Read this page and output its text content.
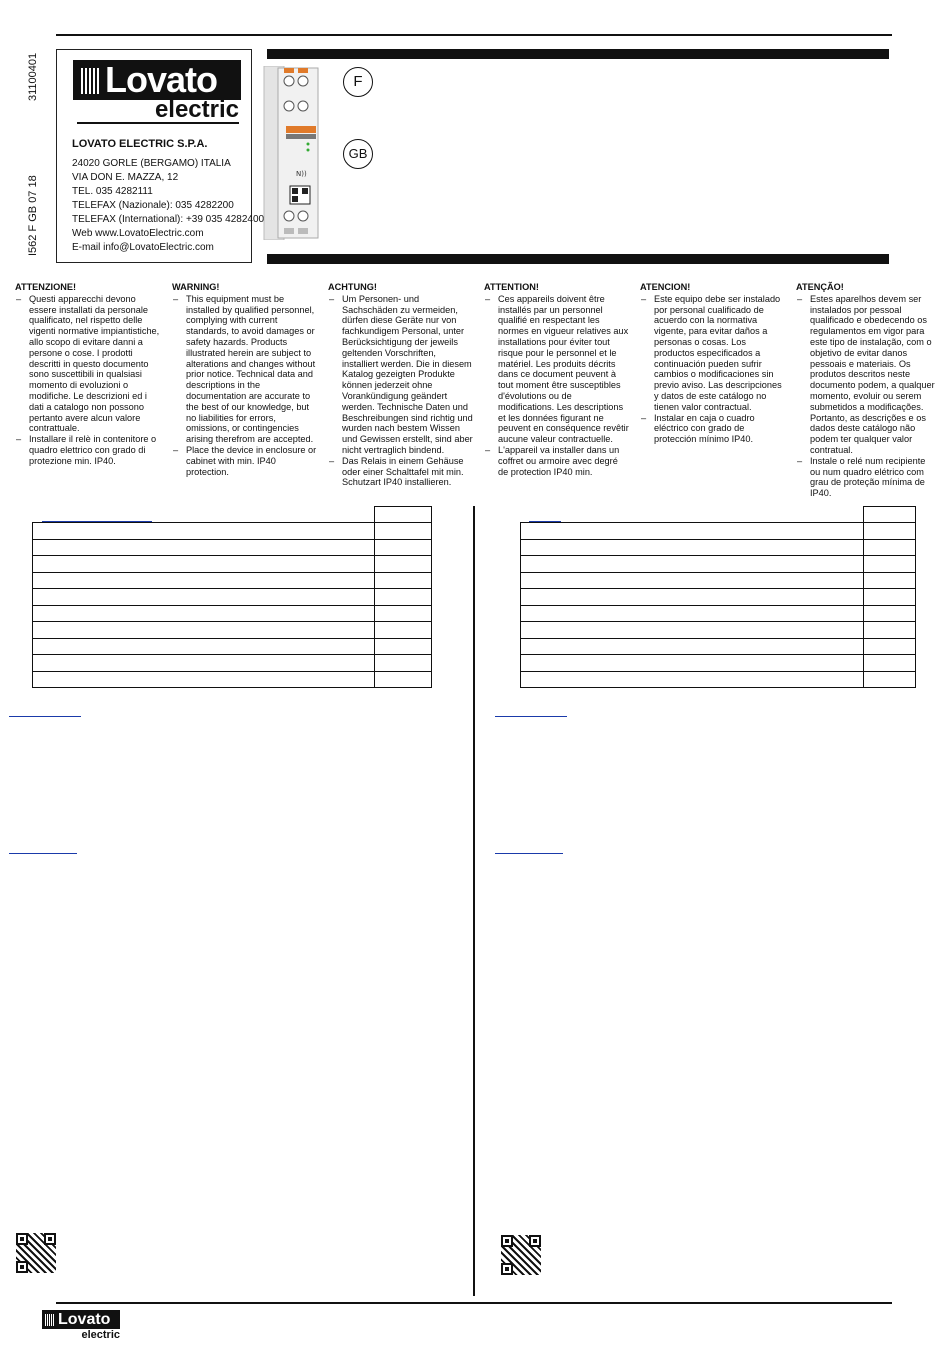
31100401
I562 F GB 07 18
Lovato
electric
LOVATO ELECTRIC S.P.A.
24020 GORLE (BERGAMO) ITALIA
VIA DON E. MAZZA, 12
TEL. 035 4282111
TELEFAX (Nazionale): 035 4282200
TELEFAX (International): +39 035 4282400
Web www.LovatoElectric.com
E-mail info@LovatoElectric.com
N))
F
GB
ATTENZIONE!
– Questi apparecchi devono essere installati da personale qualificato, nel rispetto delle vigenti normative impiantistiche, allo scopo di evitare danni a persone o cose. I prodotti descritti in questo documento sono suscettibili in qualsiasi momento di evoluzioni o modifiche. Le descrizioni ed i dati a catalogo non possono pertanto avere alcun valore contrattuale.
– Installare il relè in contenitore o quadro elettrico con grado di protezione min. IP40.
WARNING!
– This equipment must be installed by qualified personnel, complying with current standards, to avoid damages or safety hazards. Products illustrated herein are subject to alterations and changes without prior notice. Technical data and descriptions in the documentation are accurate to the best of our knowledge, but no liabilities for errors, omissions, or contingencies arising therefrom are accepted.
– Place the device in enclosure or cabinet with min. IP40 protection.
ACHTUNG!
– Um Personen- und Sachschäden zu vermeiden, dürfen diese Geräte nur von fachkundigem Personal, unter Berücksichtigung der jeweils geltenden Vorschriften, installiert werden. Die in diesem Katalog gezeigten Produkte können jederzeit ohne Vorankündigung geändert werden. Technische Daten und Beschreibungen sind richtig und wurden nach bestem Wissen und Gewissen erstellt, sind aber nicht vertraglich bindend.
– Das Relais in einem Gehäuse oder einer Schalttafel mit min. Schutzart IP40 installieren.
ATTENTION!
– Ces appareils doivent être installés par un personnel qualifié en respectant les normes en vigueur relatives aux installations pour éviter tout risque pour le personnel et le matériel. Les produits décrits dans ce document peuvent à tout moment être susceptibles d'évolutions ou de modifications. Les descriptions et les données figurant ne peuvent en conséquence revêtir aucune valeur contractuelle.
– L'appareil va installer dans un coffret ou armoire avec degré de protection IP40 min.
ATENCION!
– Este equipo debe ser instalado por personal cualificado de acuerdo con la normativa vigente, para evitar daños a personas o cosas. Los productos especificados a continuación pueden sufrir cambios o modificaciones sin previo aviso. Las descripciones y datos de este catálogo no tienen valor contractual.
– Instalar en caja o cuadro eléctrico con grado de protección mínimo IP40.
ATENÇÃO!
– Estes aparelhos devem ser instalados por pessoal qualificado e obedecendo os regulamentos em vigor para este tipo de instalação, com o objetivo de evitar danos pessoais e materiais. Os produtos descritos neste documento podem, a qualquer momento, evoluir ou serem submetidos a modificações. Portanto, as descrições e os dados deste catálogo não podem ter qualquer valor contratual.
– Instale o relé num recipiente ou num quadro elétrico com grau de proteção mínima de IP40.
Lovato
electric
